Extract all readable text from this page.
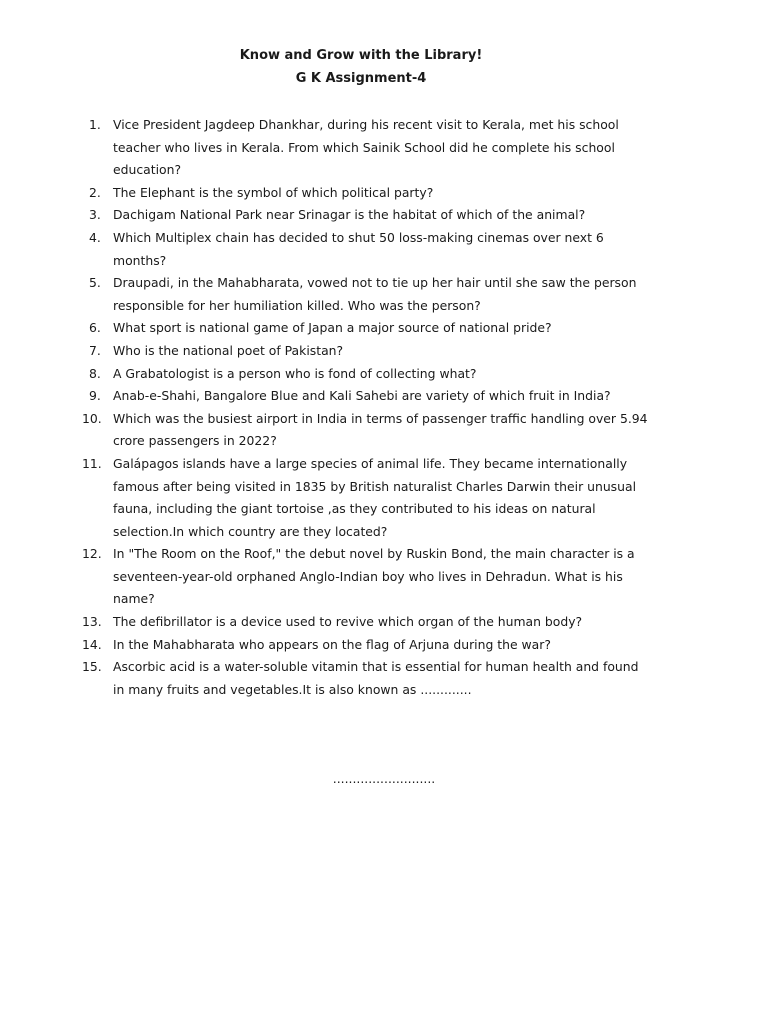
Know and Grow with the Library!
G K Assignment-4
1. Vice President Jagdeep Dhankhar, during his recent visit to Kerala, met his school teacher who lives in Kerala. From which Sainik School did he complete his school education?
2. The Elephant is the symbol of which political party?
3. Dachigam National Park near Srinagar is the habitat of which of the animal?
4. Which Multiplex chain has decided to shut 50 loss-making cinemas over next 6 months?
5. Draupadi, in the Mahabharata, vowed not to tie up her hair until she saw the person responsible for her humiliation killed. Who was the person?
6. What sport is national game of Japan a major source of national pride?
7. Who is the national poet of Pakistan?
8. A Grabatologist is a person who is fond of collecting what?
9. Anab-e-Shahi, Bangalore Blue and Kali Sahebi are variety of which fruit in India?
10. Which was the busiest airport in India in terms of passenger traffic handling over 5.94 crore passengers in 2022?
11. Galápagos islands have a large species of animal life. They became internationally famous after being visited in 1835 by British naturalist Charles Darwin their unusual fauna, including the giant tortoise ,as they contributed to his ideas on natural selection.In which country are they located?
12. In "The Room on the Roof," the debut novel by Ruskin Bond, the main character is a seventeen-year-old orphaned Anglo-Indian boy who lives in Dehradun. What is his name?
13. The defibrillator is a device used to revive which organ of the human body?
14. In the Mahabharata who appears on the flag of Arjuna during the war?
15. Ascorbic acid is a water-soluble vitamin that is essential for human health and found in many fruits and vegetables.It is also known as .............
..........................
